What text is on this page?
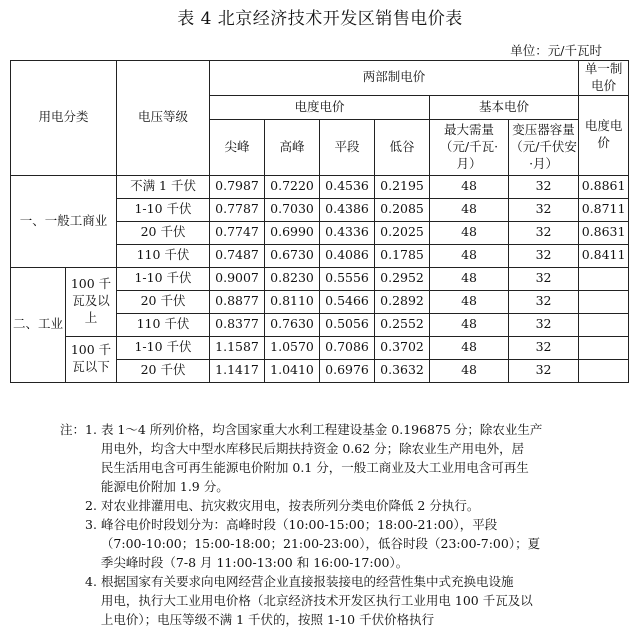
表 4 北京经济技术开发区销售电价表
单位：元/千瓦时
用电分类		电压等级	两部制电价						单一制电价
			电度电价				基本电价		电度电价
			尖峰	高峰	平段	低谷	最大需量（元/千瓦·月）	变压器容量（元/千伏安·月）	
一、一般工商业		不满 1 千伏	0.7987	0.7220	0.4536	0.2195	48	32	0.8861
		1-10 千伏	0.7787	0.7030	0.4386	0.2085	48	32	0.8711
		20 千伏	0.7747	0.6990	0.4336	0.2025	48	32	0.8631
		110 千伏	0.7487	0.6730	0.4086	0.1785	48	32	0.8411
二、工业	100 千瓦及以上	1-10 千伏	0.9007	0.8230	0.5556	0.2952	48	32	
		20 千伏	0.8877	0.8110	0.5466	0.2892	48	32	
		110 千伏	0.8377	0.7630	0.5056	0.2552	48	32	
	100 千瓦以下	1-10 千伏	1.1587	1.0570	0.7086	0.3702	48	32	
		20 千伏	1.1417	1.0410	0.6976	0.3632	48	32	
注：1. 表 1～4 所列价格，均含国家重大水利工程建设基金 0.196875 分；除农业生产
用电外，均含大中型水库移民后期扶持资金 0.62 分；除农业生产用电外，居
民生活用电含可再生能源电价附加 0.1 分，一般工商业及大工业用电含可再生
能源电价附加 1.9 分。
2. 对农业排灌用电、抗灾救灾用电，按表所列分类电价降低 2 分执行。
3. 峰谷电价时段划分为：高峰时段（10:00-15:00；18:00-21:00），平段
（7:00-10:00；15:00-18:00；21:00-23:00），低谷时段（23:00-7:00）；夏
季尖峰时段（7-8 月 11:00-13:00 和 16:00-17:00）。
4. 根据国家有关要求向电网经营企业直接报装接电的经营性集中式充换电设施
用电，执行大工业用电价格（北京经济技术开发区执行工业用电 100 千瓦及以
上电价）；电压等级不满 1 千伏的，按照 1-10 千伏价格执行
